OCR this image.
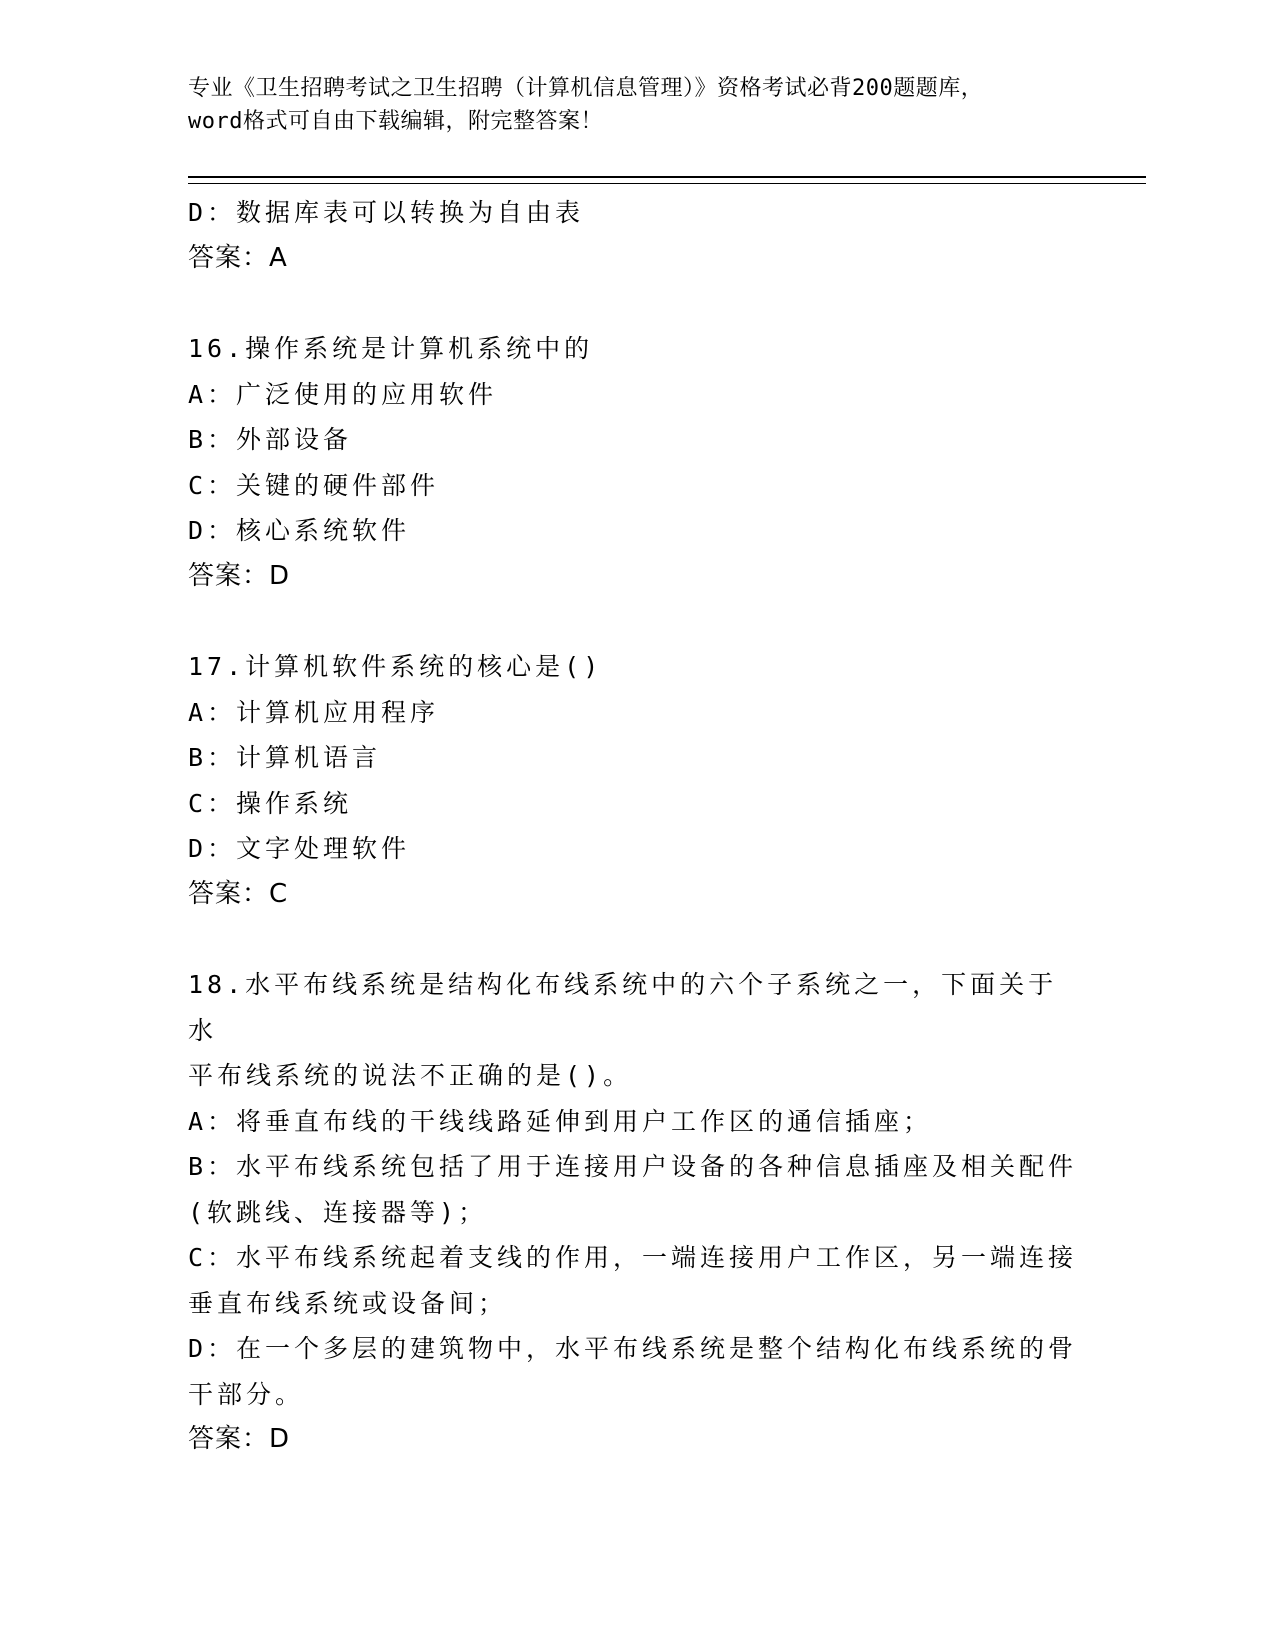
专业《卫生招聘考试之卫生招聘（计算机信息管理）》资格考试必背200题题库，
word格式可自由下载编辑，附完整答案！
D：数据库表可以转换为自由表
答案：A
16.操作系统是计算机系统中的
A：广泛使用的应用软件
B：外部设备
C：关键的硬件部件
D：核心系统软件
答案：D
17.计算机软件系统的核心是()
A：计算机应用程序
B：计算机语言
C：操作系统
D：文字处理软件
答案：C
18.水平布线系统是结构化布线系统中的六个子系统之一，下面关于水
平布线系统的说法不正确的是()。
A：将垂直布线的干线线路延伸到用户工作区的通信插座；
B：水平布线系统包括了用于连接用户设备的各种信息插座及相关配件
(软跳线、连接器等)；
C：水平布线系统起着支线的作用，一端连接用户工作区，另一端连接
垂直布线系统或设备间；
D：在一个多层的建筑物中，水平布线系统是整个结构化布线系统的骨
干部分。
答案：D
